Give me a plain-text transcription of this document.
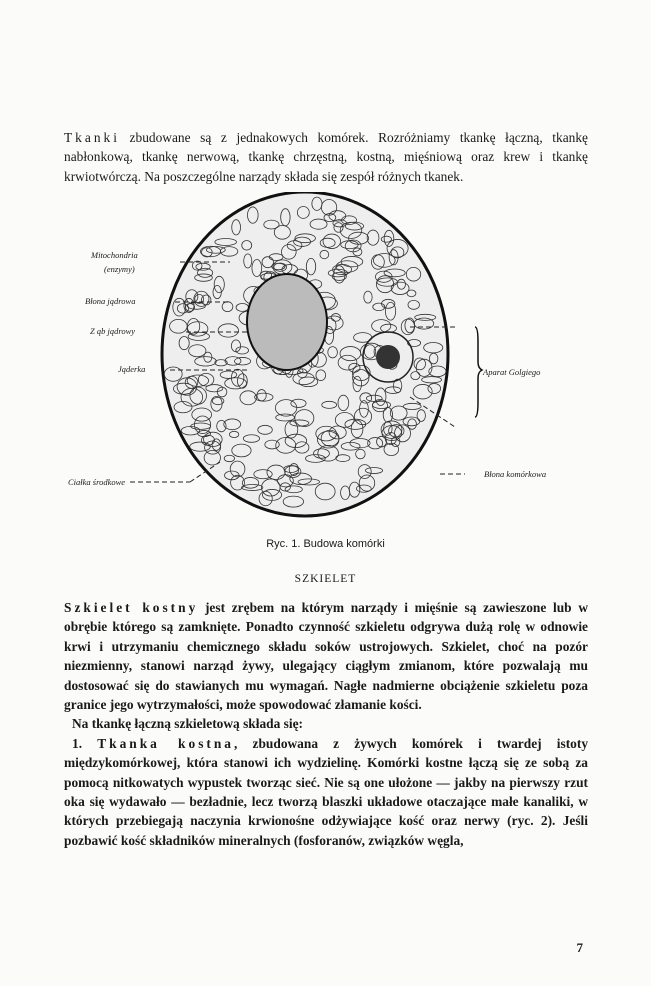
Tkanki zbudowane są z jednakowych komórek. Rozróżniamy tkankę łączną, tkankę nabłonkową, tkankę nerwową, tkankę chrzęstną, kostną, mięśniową oraz krew i tkankę krwiotwórczą. Na poszczególne narządy składa się zespół różnych tkanek.
Mitochondria
(enzymy)
Błona jądrowa
Z ąb jądrowy
Jąderka
Ciałka środkowe
Aparat Golgiego
Błona komórkowa
Ryc. 1. Budowa komórki
SZKIELET
Szkielet kostny jest zrębem na którym narządy i mięśnie są zawieszone lub w obrębie którego są zamknięte. Ponadto czynność szkieletu odgrywa dużą rolę w odnowie krwi i utrzymaniu chemicznego składu soków ustrojowych. Szkielet, choć na pozór niezmienny, stanowi narząd żywy, ulegający ciągłym zmianom, które pozwalają mu dostosować się do stawianych mu wymagań. Nagłe nadmierne obciążenie szkieletu poza granice jego wytrzymałości, może spowodować złamanie kości.
Na tkankę łączną szkieletową składa się:
1. Tkanka kostna, zbudowana z żywych komórek i twardej istoty międzykomórkowej, która stanowi ich wydzielinę. Komórki kostne łączą się ze sobą za pomocą nitkowatych wypustek tworząc sieć. Nie są one ułożone — jakby na pierwszy rzut oka się wydawało — bezładnie, lecz tworzą blaszki układowe otaczające małe kanaliki, w których przebiegają naczynia krwionośne odżywiające kość oraz nerwy (ryc. 2). Jeśli pozbawić kość składników mineralnych (fosforanów, związków węgla,
7
